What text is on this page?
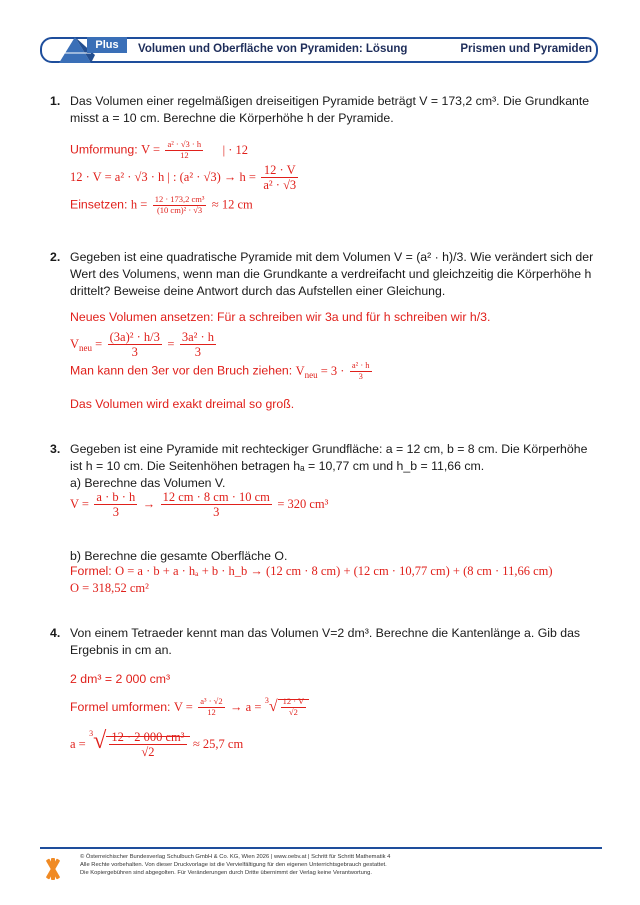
Plus	Volumen und Oberfläche von Pyramiden: Lösung	Prismen und Pyramiden
1. Das Volumen einer regelmäßigen dreiseitigen Pyramide beträgt V = 173,2 cm³. Die Grundkante misst a = 10 cm. Berechne die Körperhöhe h der Pyramide.
Umformung: $V = \frac{\text{a² · √3 · h}}{12}$ | · 12
12 · V = a² · √3 · h | : $(a^2 \cdot √3) \to h = \frac{12 \cdot V}{\text{a² · √3}}$
Einsetzen: $h = \frac{\text{12 · 173,2 cm³}}{\text{(10 cm)² · √3}} \approx 12$ cm
2. Gegeben ist eine quadratische Pyramide mit dem Volumen V = (a² · h)/3. Wie verändert sich der Wert des Volumens, wenn man die Grundkante a verdreifacht und gleichzeitig die Körperhöhe h drittelt? Beweise deine Antwort durch das Aufstellen einer Gleichung.
Neues Volumen ansetzen: Für a schreiben wir 3a und für h schreiben wir h/3.
$V_{neu} = \frac{\text{(3a)² · h/3}}{3} = \frac{\text{3a² · h}}{3}$
Man kann den 3er vor den Bruch ziehen: $V_{neu} = 3 \cdot \frac{\text{a² · h}}{3}$
Das Volumen wird exakt dreimal so groß.
3. Gegeben ist eine Pyramide mit rechteckiger Grundfläche: a = 12 cm, b = 8 cm. Die Körperhöhe ist h = 10 cm. Die Seitenhöhen betragen hₐ = 10,77 cm und h_b = 11,66 cm.
a) Berechne das Volumen V.
$V = \frac{a \cdot b \cdot h}{3} \to \frac{12 cm \cdot 8 cm \cdot 10 cm}{3} = 320$ cm³
b) Berechne die gesamte Oberfläche O.
Formel: O = a · b + a · hₐ + b · h_b → (12 cm · 8 cm) + (12 cm · 10,77 cm) + (8 cm · 11,66 cm)
O = 318,52 cm²
4. Von einem Tetraeder kennt man das Volumen V=2 dm³. Berechne die Kantenlänge a. Gib das Ergebnis in cm an.
2 dm³ = 2 000 cm³
Formel umformen: $V = \frac{\text{a³ · √2}}{12} \to a = ^3√ \frac{12 \cdot V}{√2}$
$a = ^3√ \frac{\text{12 · 2 000 cm³}}{√2} \approx 25,7$ cm
© Österreichischer Bundesverlag Schulbuch GmbH & Co. KG, Wien 2026 | www.oebv.at | Schritt für Schritt Mathematik 4
Alle Rechte vorbehalten. Von dieser Druckvorlage ist die Vervielfältigung für den eigenen Unterrichtsgebrauch gestattet.
Die Kopiergebühren sind abgegolten. Für Veränderungen durch Dritte übernimmt der Verlag keine Verantwortung.
